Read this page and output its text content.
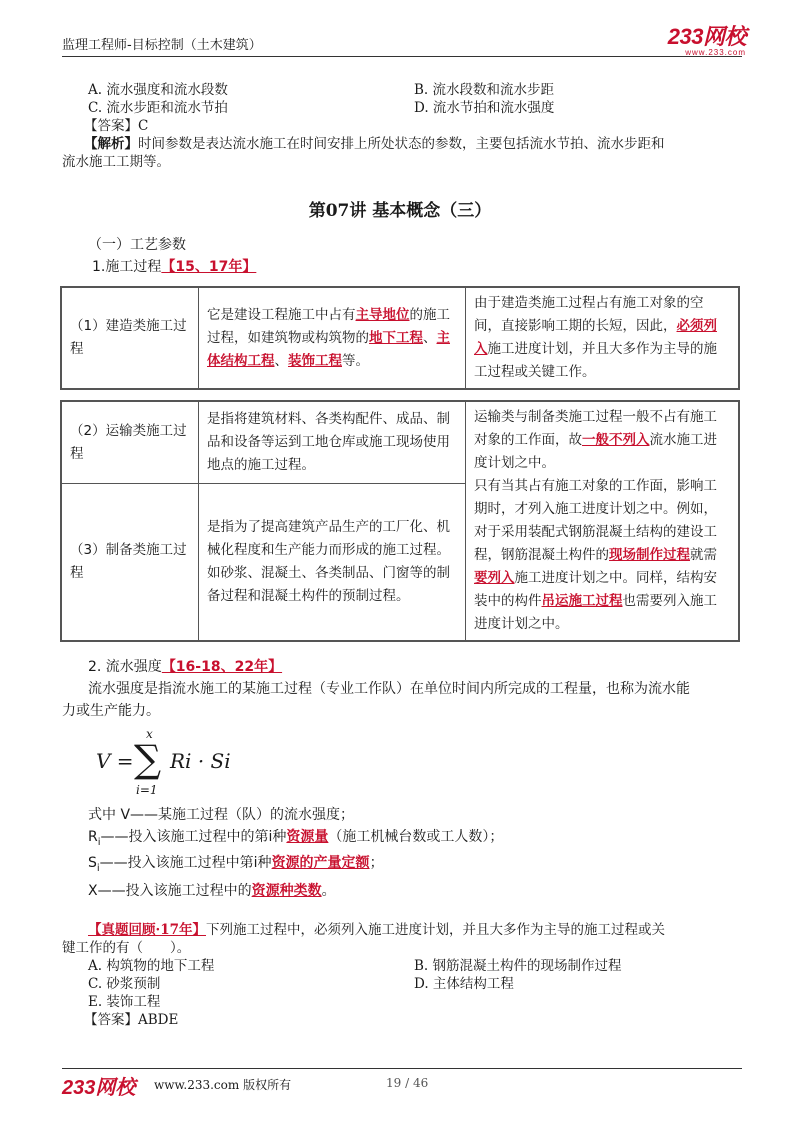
监理工程师-目标控制（土木建筑）	233网校
www.233.com
A. 流水强度和流水段数	B. 流水段数和流水步距
C. 流水步距和流水节拍	D. 流水节拍和流水强度
【答案】C
【解析】时间参数是表达流水施工在时间安排上所处状态的参数，主要包括流水节拍、流水步距和
流水施工工期等。
第07讲 基本概念（三）
（一）工艺参数
1.施工过程【15、17年】
（1）建造类施工过程	它是建设工程施工中占有主导地位的施工过程，如建筑物或构筑物的地下工程、主体结构工程、装饰工程等。	由于建造类施工过程占有施工对象的空间，直接影响工期的长短，因此，必须列入施工进度计划，并且大多作为主导的施工过程或关键工作。
（2）运输类施工过程	是指将建筑材料、各类构配件、成品、制品和设备等运到工地仓库或施工现场使用地点的施工过程。	运输类与制备类施工过程一般不占有施工对象的工作面，故一般不列入流水施工进度计划之中。
只有当其占有施工对象的工作面，影响工期时，才列入施工进度计划之中。例如，对于采用装配式钢筋混凝土结构的建设工程，钢筋混凝土构件的现场制作过程就需要列入施工进度计划之中。同样，结构安装中的构件吊运施工过程也需要列入施工进度计划之中。
（3）制备类施工过程	是指为了提高建筑产品生产的工厂化、机械化程度和生产能力而形成的施工过程。如砂浆、混凝土、各类制品、门窗等的制备过程和混凝土构件的预制过程。	
2. 流水强度【16-18、22年】
流水强度是指流水施工的某施工过程（专业工作队）在单位时间内所完成的工程量，也称为流水能
力或生产能力。
V =
x
∑
i=1
Ri · Si
式中 V——某施工过程（队）的流水强度；
$R_i——$投入该施工过程中的第i种资源量（施工机械台数或工人数）；
$S_i——$投入该施工过程中第i种资源的产量定额；
X——投入该施工过程中的资源种类数。
【真题回顾·17年】下列施工过程中，必须列入施工进度计划，并且大多作为主导的施工过程或关
键工作的有（　　）。
A. 构筑物的地下工程	B. 钢筋混凝土构件的现场制作过程
C. 砂浆预制	D. 主体结构工程
E. 装饰工程
【答案】ABDE
233网校 www.233.com 版权所有	19 / 46
